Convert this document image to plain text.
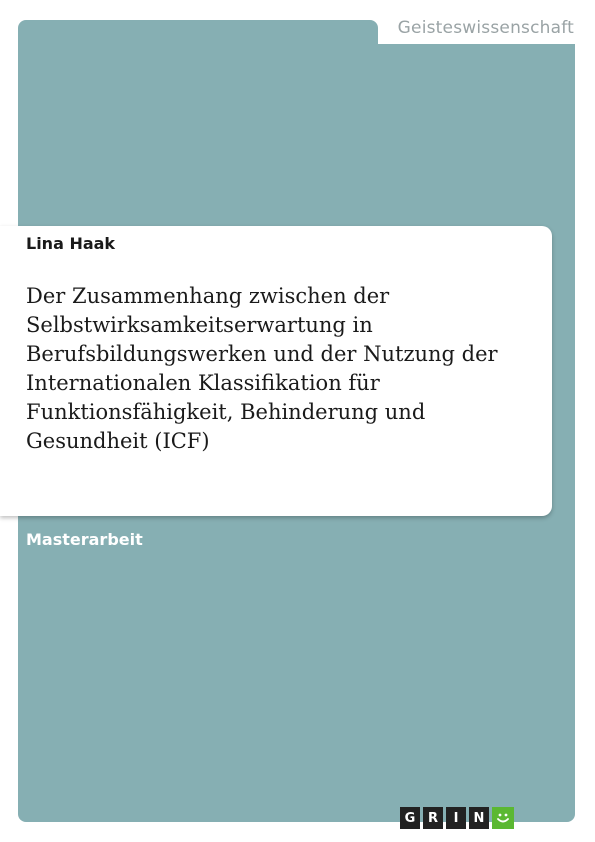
Geisteswissenschaft
Lina Haak
Der Zusammenhang zwischen der Selbstwirksamkeitserwartung in Berufsbildungswerken und der Nutzung der Internationalen Klassifikation für Funktionsfähigkeit, Behinderung und Gesundheit (ICF)
Masterarbeit
G R	I	N
